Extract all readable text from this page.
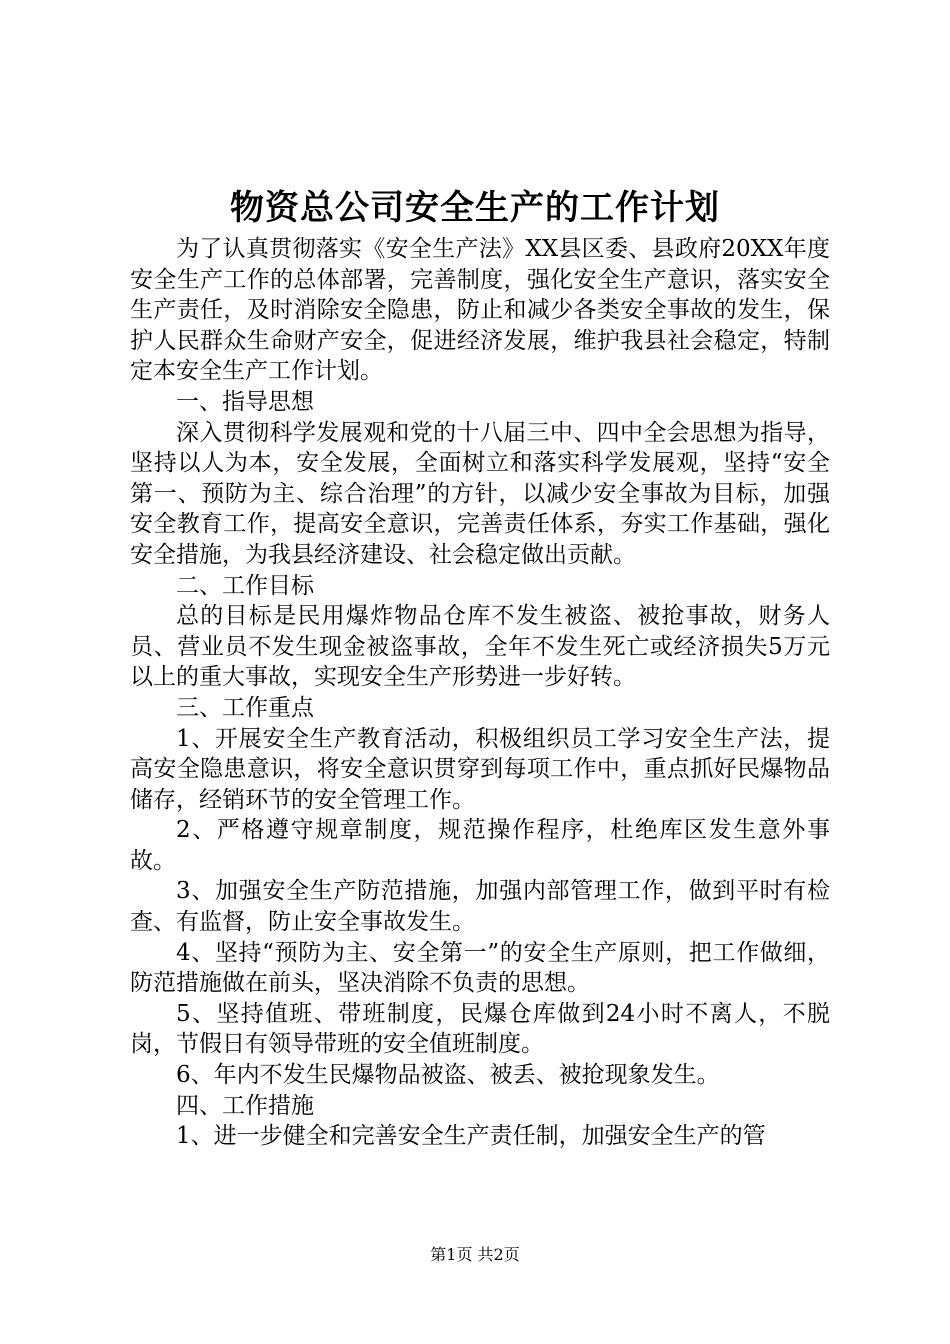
物资总公司安全生产的工作计划

为了认真贯彻落实《安全生产法》XX县区委、县政府20XX年度安全生产工作的总体部署，完善制度，强化安全生产意识，落实安全生产责任，及时消除安全隐患，防止和减少各类安全事故的发生，保护人民群众生命财产安全，促进经济发展，维护我县社会稳定，特制定本安全生产工作计划。

一、指导思想

深入贯彻科学发展观和党的十八届三中、四中全会思想为指导，坚持以人为本，安全发展，全面树立和落实科学发展观，坚持“安全第一、预防为主、综合治理”的方针，以减少安全事故为目标，加强安全教育工作，提高安全意识，完善责任体系，夯实工作基础，强化安全措施，为我县经济建设、社会稳定做出贡献。

二、工作目标

总的目标是民用爆炸物品仓库不发生被盗、被抢事故，财务人员、营业员不发生现金被盗事故，全年不发生死亡或经济损失5万元以上的重大事故，实现安全生产形势进一步好转。

三、工作重点

1、开展安全生产教育活动，积极组织员工学习安全生产法，提高安全隐患意识，将安全意识贯穿到每项工作中，重点抓好民爆物品储存，经销环节的安全管理工作。

2、严格遵守规章制度，规范操作程序，杜绝库区发生意外事故。

3、加强安全生产防范措施，加强内部管理工作，做到平时有检查、有监督，防止安全事故发生。

4、坚持“预防为主、安全第一”的安全生产原则，把工作做细，防范措施做在前头，坚决消除不负责的思想。

5、坚持值班、带班制度，民爆仓库做到24小时不离人，不脱岗，节假日有领导带班的安全值班制度。

6、年内不发生民爆物品被盗、被丢、被抢现象发生。

四、工作措施

1、进一步健全和完善安全生产责任制，加强安全生产的管

第1页 共2页
